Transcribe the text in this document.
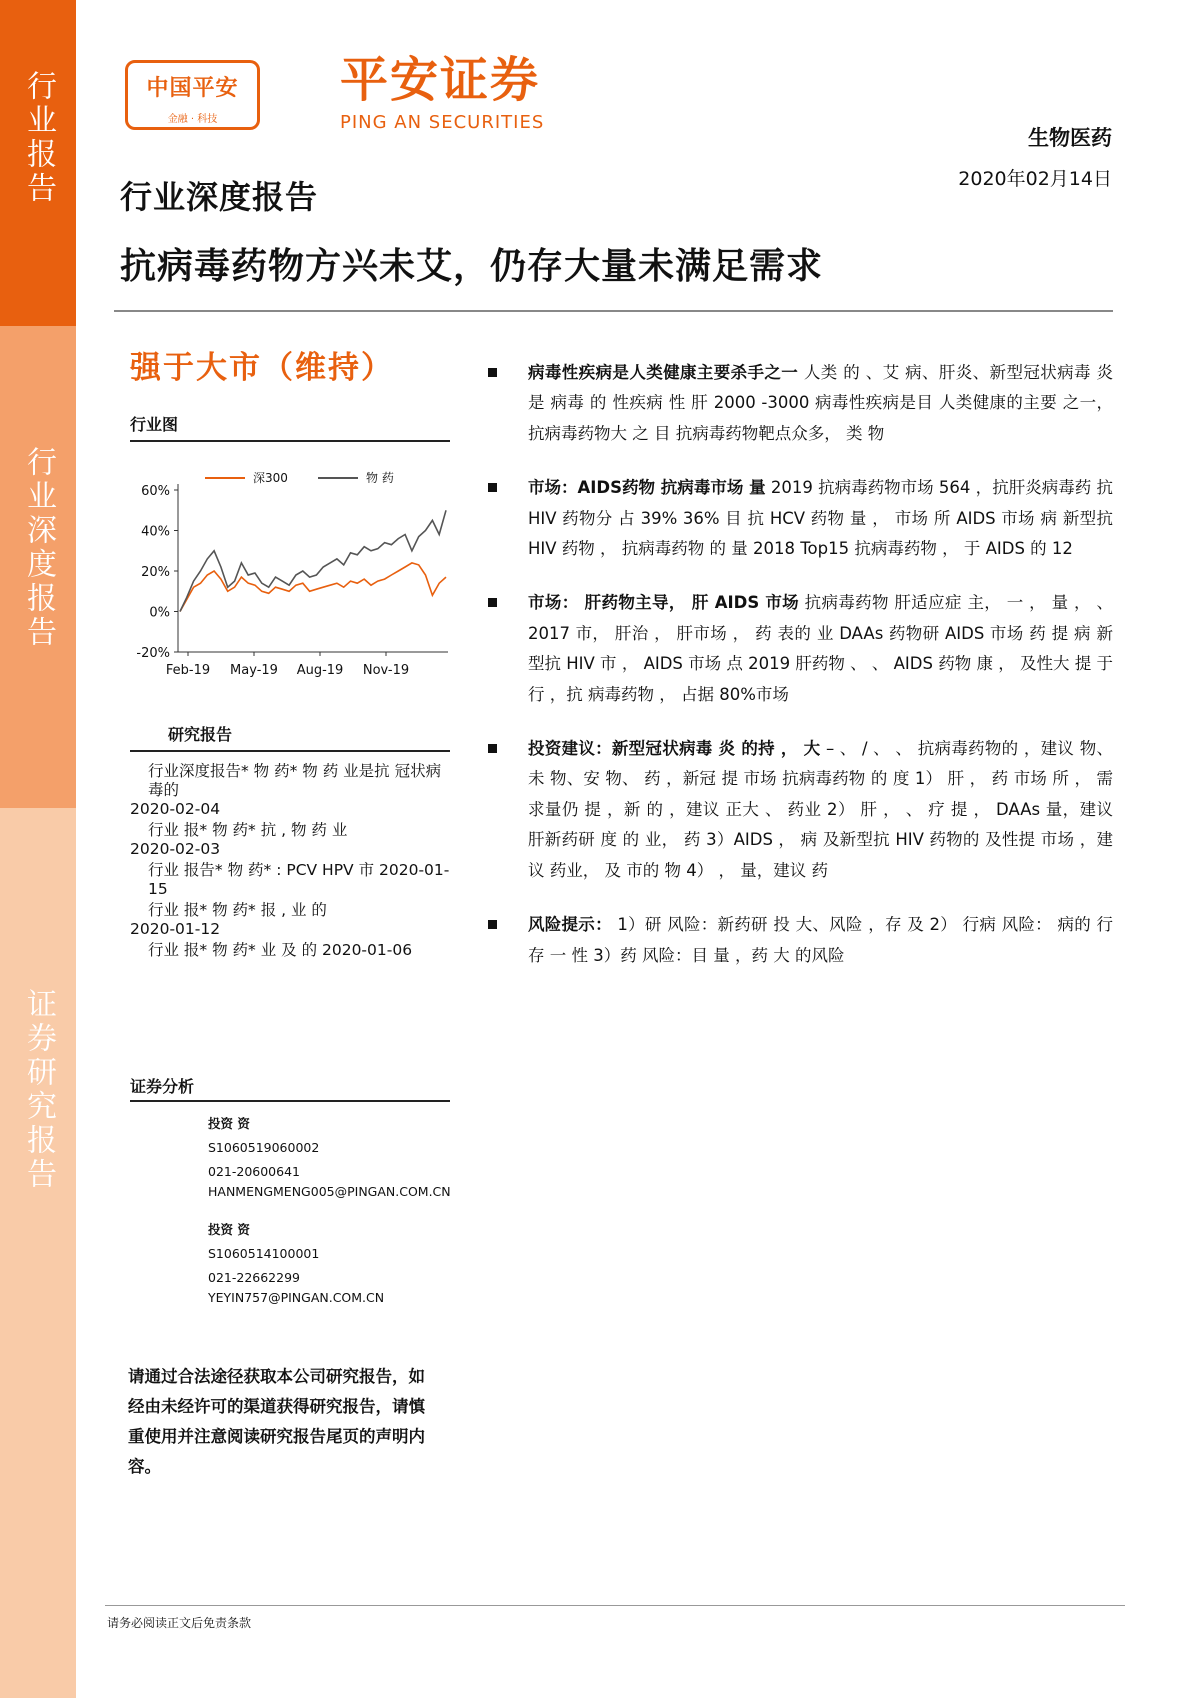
行业报告
行业深度报告
证券研究报告
中国平安
金融 · 科技
平安证券
PING AN SECURITIES
生物医药
2020年02月14日
行业深度报告
抗病毒药物方兴未艾，仍存大量未满足需求
强于大市（维持）
行业图
60%
40%
20%
0%
-20%
Feb-19 May-19 Aug-19 Nov-19
深300	物 药
研究报告
行业深度报告* 物 药* 物 药 业是抗 冠状病毒的
2020-02-04
行业 报* 物 药* 抗 , 物 药 业
2020-02-03
行业 报告* 物 药* : PCV HPV 市 2020-01-15
行业 报* 物 药* 报 , 业 的
2020-01-12
行业 报* 物 药* 业 及 的 2020-01-06
证券分析
投资 资
S1060519060002
021-20600641
HANMENGMENG005@PINGAN.COM.CN
投资 资
S1060514100001
021-22662299
YEYIN757@PINGAN.COM.CN
请通过合法途径获取本公司研究报告，如经由未经许可的渠道获得研究报告，请慎重使用并注意阅读研究报告尾页的声明内容。
病毒性疾病是人类健康主要杀手之一 人类 的 、艾 病、肝炎、新型冠状病毒 炎 是 病毒 的 性疾病 性 肝 2000 -3000 病毒性疾病是目 人类健康的主要 之一，抗病毒药物大 之 目 抗病毒药物靶点众多， 类 物
市场：AIDS药物 抗病毒市场 量 2019 抗病毒药物市场 564 ，抗肝炎病毒药 抗 HIV 药物分 占 39% 36% 目 抗 HCV 药物 量 ， 市场 所 AIDS 市场 病 新型抗 HIV 药物 ， 抗病毒药物 的 量 2018 Top15 抗病毒药物 ， 于 AIDS 的 12
市场： 肝药物主导， 肝 AIDS 市场 抗病毒药物 肝适应症 主， 一 ， 量 ， 、 2017 市， 肝治 ， 肝市场 ， 药 表的 业 DAAs 药物研 AIDS 市场 药 提 病 新型抗 HIV 市 ， AIDS 市场 点 2019 肝药物 、 、 AIDS 药物 康 ， 及性大 提 于 行 ，抗 病毒药物 ， 占据 80%市场
投资建议：新型冠状病毒 炎 的持 ， 大 – 、 / 、 、 抗病毒药物的 ，建议 物、未 物、安 物、 药 ，新冠 提 市场 抗病毒药物 的 度 1） 肝 ， 药 市场 所 ， 需求量仍 提 ，新 的 ，建议 正大 、 药业 2） 肝 ， 、 疗 提 ， DAAs 量，建议 肝新药研 度 的 业， 药 3）AIDS ， 病 及新型抗 HIV 药物的 及性提 市场 ，建议 药业， 及 市的 物 4） ， 量，建议 药
风险提示： 1）研 风险：新药研 投 大、风险 ，存 及 2） 行病 风险： 病的 行 存 一 性 3）药 风险：目 量 ，药 大 的风险
请务必阅读正文后免责条款
